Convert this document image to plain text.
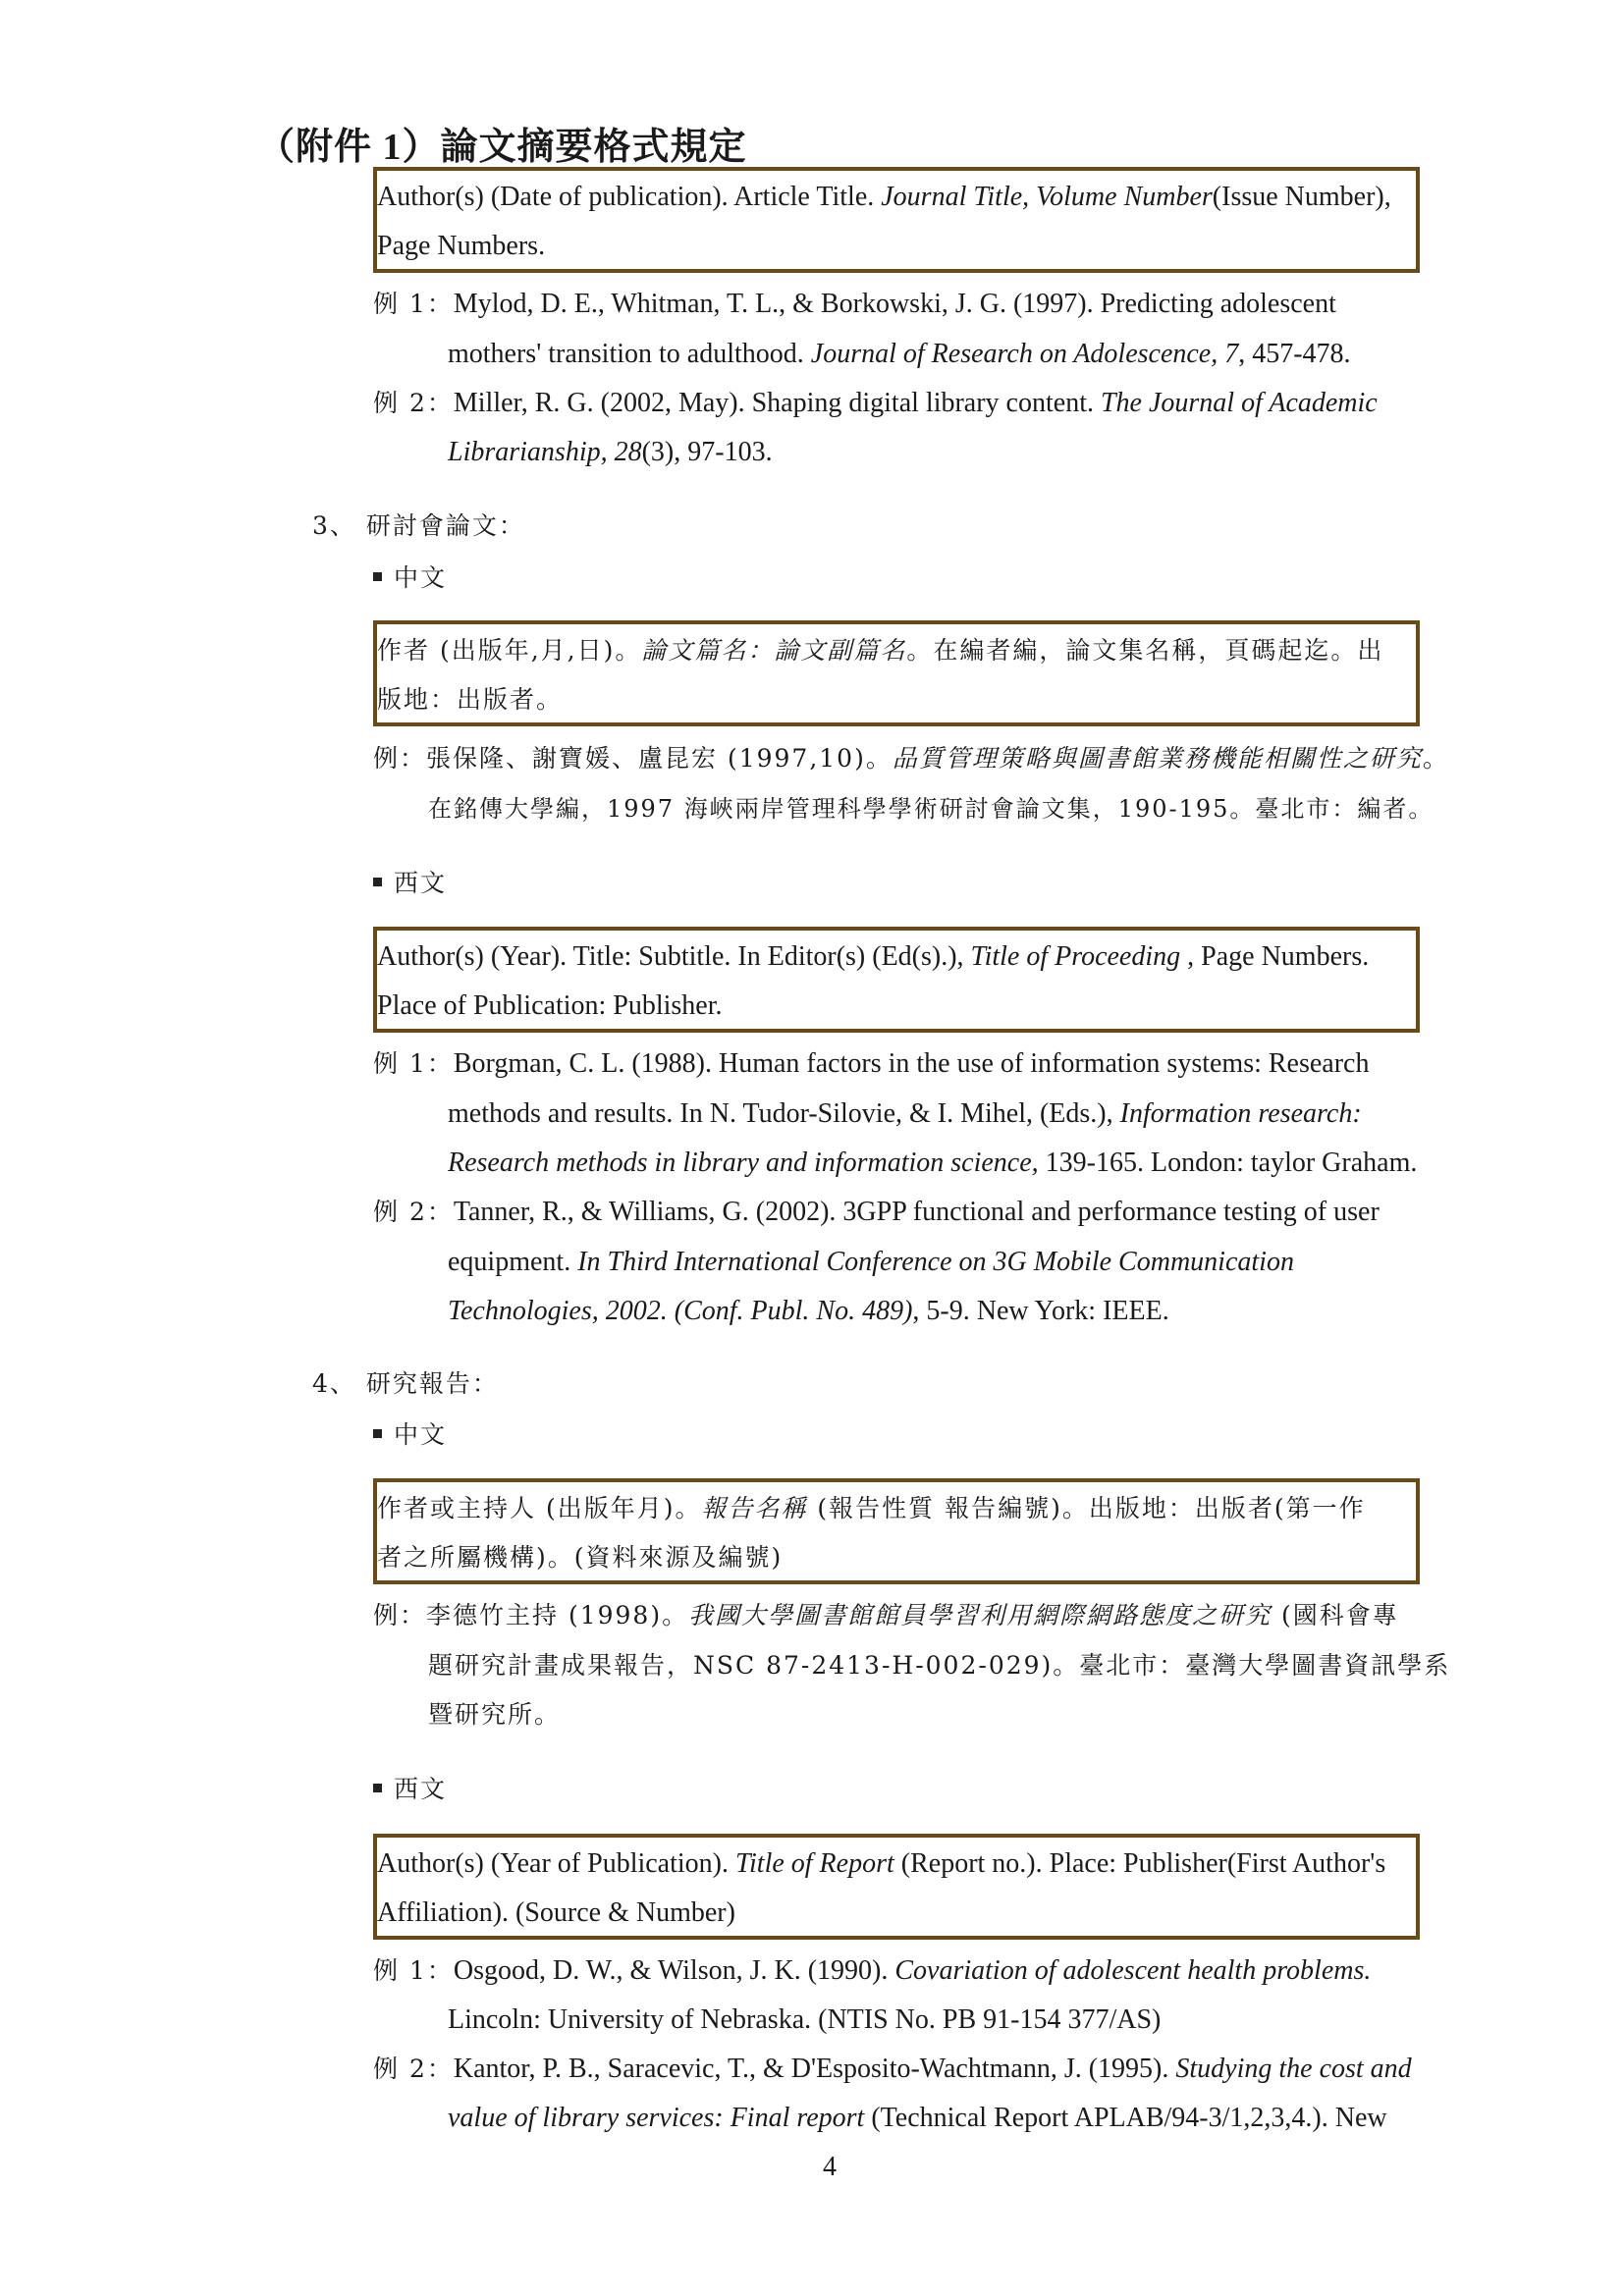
（附件 1）論文摘要格式規定
Author(s) (Date of publication). Article Title. Journal Title, Volume Number(Issue Number),
Page Numbers.
例 1：Mylod, D. E., Whitman, T. L., & Borkowski, J. G. (1997). Predicting adolescent
mothers' transition to adulthood. Journal of Research on Adolescence, 7, 457-478.
例 2：Miller, R. G. (2002, May). Shaping digital library content. The Journal of Academic
Librarianship, 28(3), 97-103.
3、 研討會論文：
中文
作者 (出版年,月,日)。論文篇名：論文副篇名。在編者編，論文集名稱，頁碼起迄。出
版地：出版者。
例：張保隆、謝寶媛、盧昆宏 (1997,10)。品質管理策略與圖書館業務機能相關性之研究。
在銘傳大學編，1997 海峽兩岸管理科學學術研討會論文集，190-195。臺北市：編者。
西文
Author(s) (Year). Title: Subtitle. In Editor(s) (Ed(s).), Title of Proceeding , Page Numbers.
Place of Publication: Publisher.
例 1：Borgman, C. L. (1988). Human factors in the use of information systems: Research
methods and results. In N. Tudor-Silovie, & I. Mihel, (Eds.), Information research:
Research methods in library and information science, 139-165. London: taylor Graham.
例 2：Tanner, R., & Williams, G. (2002). 3GPP functional and performance testing of user
equipment. In Third International Conference on 3G Mobile Communication
Technologies, 2002. (Conf. Publ. No. 489), 5-9. New York: IEEE.
4、 研究報告：
中文
作者或主持人 (出版年月)。報告名稱 (報告性質 報告編號)。出版地：出版者(第一作
者之所屬機構)。(資料來源及編號)
例：李德竹主持 (1998)。我國大學圖書館館員學習利用網際網路態度之研究 (國科會專
題研究計畫成果報告，NSC 87-2413-H-002-029)。臺北市：臺灣大學圖書資訊學系
暨研究所。
西文
Author(s) (Year of Publication). Title of Report (Report no.). Place: Publisher(First Author's
Affiliation). (Source & Number)
例 1：Osgood, D. W., & Wilson, J. K. (1990). Covariation of adolescent health problems.
Lincoln: University of Nebraska. (NTIS No. PB 91-154 377/AS)
例 2：Kantor, P. B., Saracevic, T., & D'Esposito-Wachtmann, J. (1995). Studying the cost and
value of library services: Final report (Technical Report APLAB/94-3/1,2,3,4.). New
4
